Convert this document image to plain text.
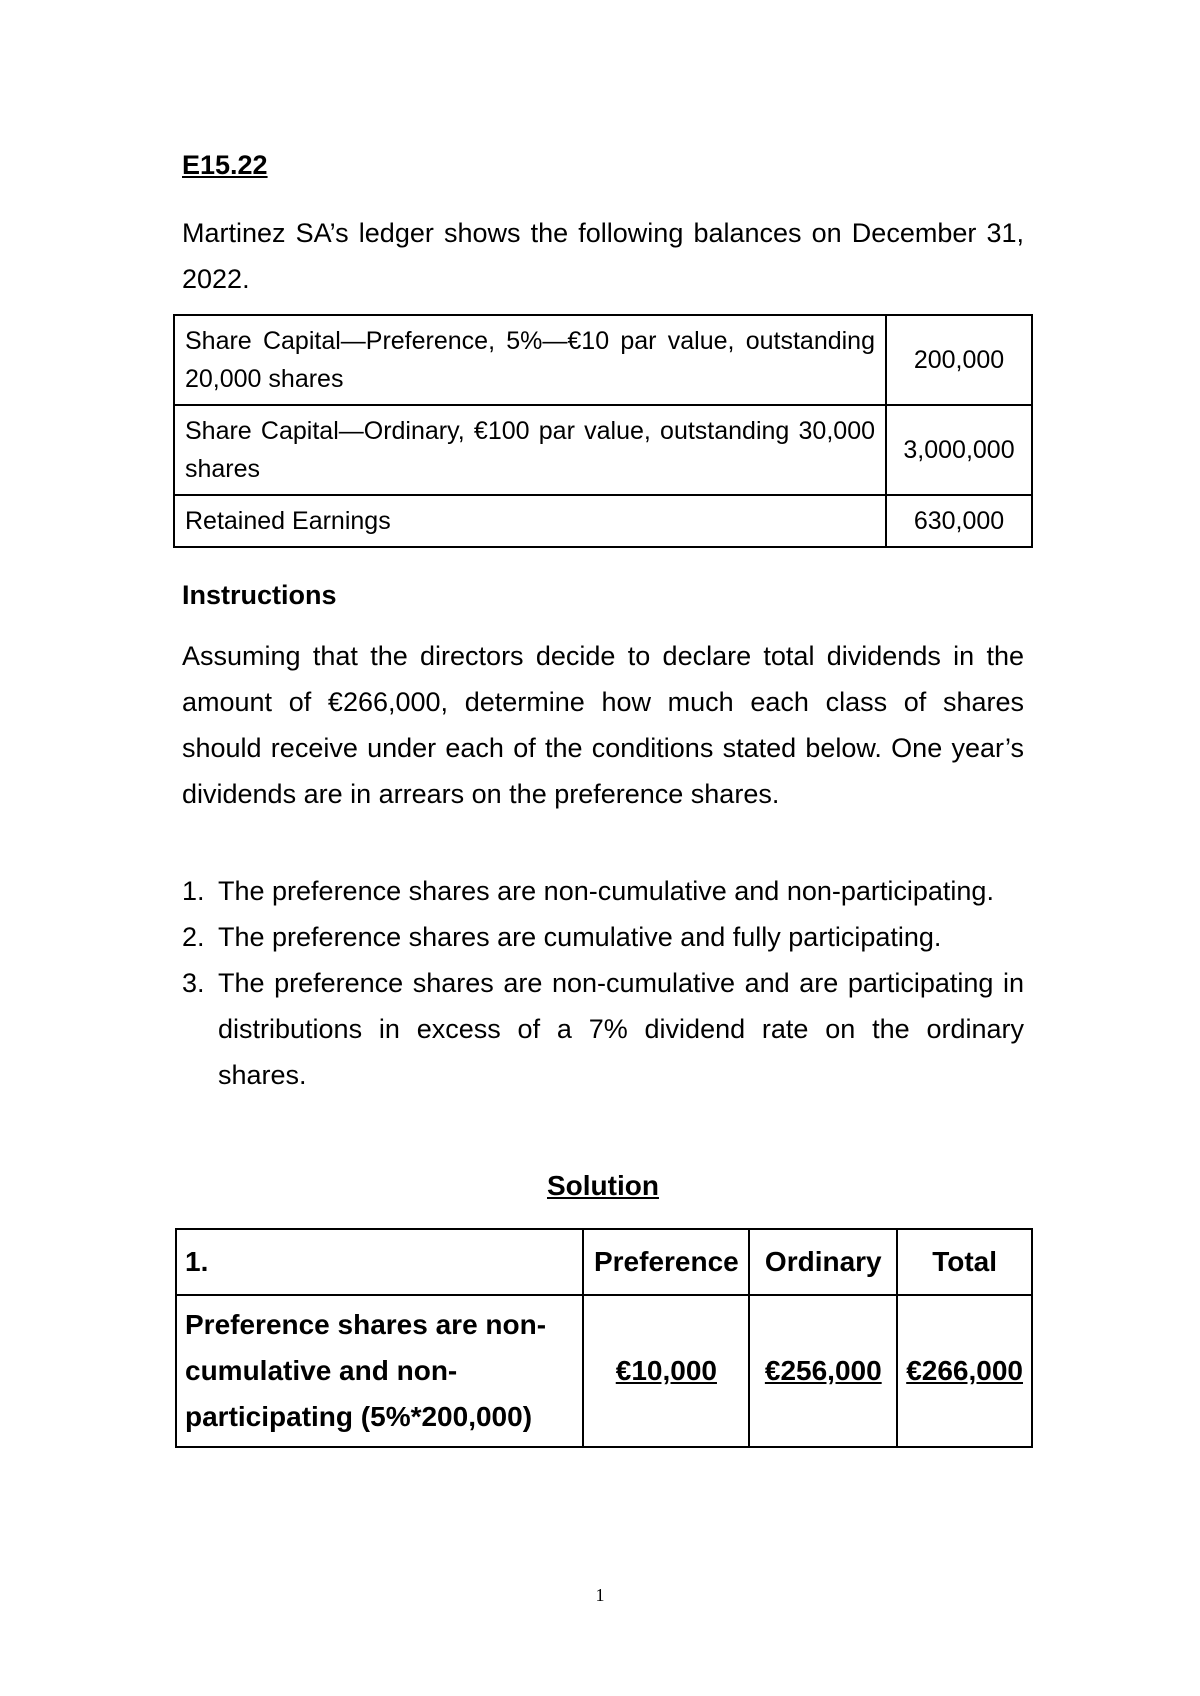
E15.22

Martinez SA’s ledger shows the following balances on December 31, 2022.

Share Capital—Preference, 5%—€10 par value, outstanding 20,000 shares	200,000
Share Capital—Ordinary, €100 par value, outstanding 30,000 shares	3,000,000
Retained Earnings	630,000
Instructions

Assuming that the directors decide to declare total dividends in the amount of €266,000, determine how much each class of shares should receive under each of the conditions stated below. One year’s dividends are in arrears on the preference shares.

1. The preference shares are non-cumulative and non-participating.
2. The preference shares are cumulative and fully participating.
3. The preference shares are non-cumulative and are participating in distributions in excess of a 7% dividend rate on the ordinary shares.
Solution
1.	Preference	Ordinary	Total
Preference shares are non-cumulative and non-participating (5%*200,000)	€10,000	€256,000	€266,000
1
